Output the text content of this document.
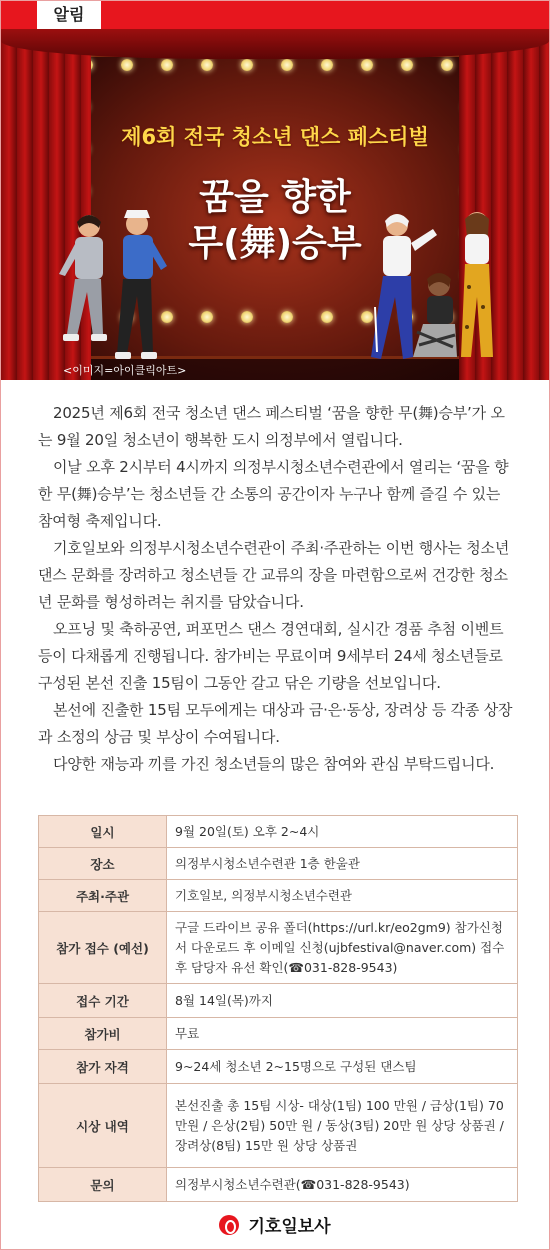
알림
제6회 전국 청소년 댄스 페스티벌
꿈을 향한
무(舞)승부
<이미지=아이클릭아트>

2025년 제6회 전국 청소년 댄스 페스티벌 ‘꿈을 향한 무(舞)승부’가 오는 9월 20일 청소년이 행복한 도시 의정부에서 열립니다.

이날 오후 2시부터 4시까지 의정부시청소년수련관에서 열리는 ‘꿈을 향한 무(舞)승부’는 청소년들 간 소통의 공간이자 누구나 함께 즐길 수 있는 참여형 축제입니다.

기호일보와 의정부시청소년수련관이 주최·주관하는 이번 행사는 청소년 댄스 문화를 장려하고 청소년들 간 교류의 장을 마련함으로써 건강한 청소년 문화를 형성하려는 취지를 담았습니다.

오프닝 및 축하공연, 퍼포먼스 댄스 경연대회, 실시간 경품 추첨 이벤트 등이 다채롭게 진행됩니다. 참가비는 무료이며 9세부터 24세 청소년들로 구성된 본선 진출 15팀이 그동안 갈고 닦은 기량을 선보입니다.

본선에 진출한 15팀 모두에게는 대상과 금·은·동상, 장려상 등 각종 상장과 소정의 상금 및 부상이 수여됩니다.

다양한 재능과 끼를 가진 청소년들의 많은 참여와 관심 부탁드립니다.

일시	9월 20일(토) 오후 2~4시
장소	의정부시청소년수련관 1층 한울관
주최·주관	기호일보, 의정부시청소년수련관
참가 접수 (예선)	구글 드라이브 공유 폴더(https://url.kr/eo2gm9) 참가신청서 다운로드 후 이메일 신청(ujbfestival@naver.com) 접수 후 담당자 유선 확인(☎031-828-9543)
접수 기간	8월 14일(목)까지
참가비	무료
참가 자격	9~24세 청소년 2~15명으로 구성된 댄스팀
시상 내역	본선진출 총 15팀 시상- 대상(1팀) 100 만원 / 금상(1팀) 70만원 / 은상(2팀) 50만 원 / 동상(3팀) 20만 원 상당 상품권 / 장려상(8팀) 15만 원 상당 상품권
문의	의정부시청소년수련관(☎031-828-9543)
기호일보사
